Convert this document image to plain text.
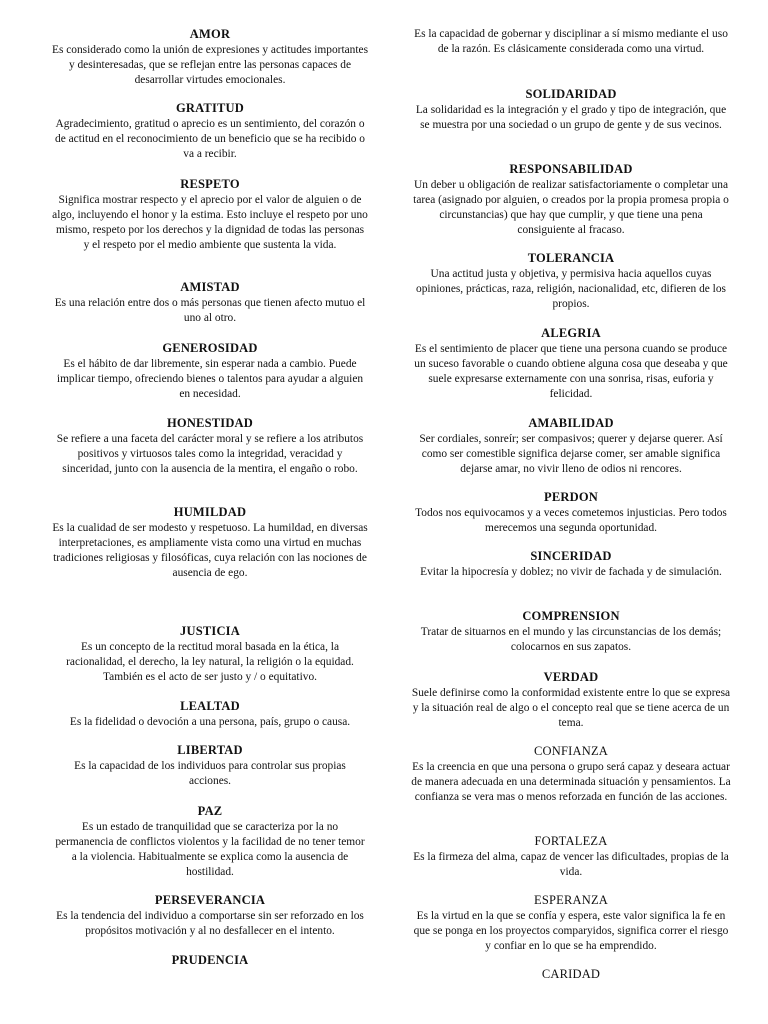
AMOR
Es considerado como la unión de expresiones y actitudes importantes y desinteresadas, que se reflejan entre las personas capaces de desarrollar virtudes emocionales.
GRATITUD
Agradecimiento, gratitud o aprecio es un sentimiento, del corazón o de actitud en el reconocimiento de un beneficio que se ha recibido o va a recibir.
RESPETO
Significa mostrar respecto y el aprecio por el valor de alguien o de algo, incluyendo el honor y la estima. Esto incluye el respeto por uno mismo, respeto por los derechos y la dignidad de todas las personas y el respeto por el medio ambiente que sustenta la vida.
AMISTAD
Es una relación entre dos o más personas que tienen afecto mutuo el uno al otro.
GENEROSIDAD
Es el hábito de dar libremente, sin esperar nada a cambio. Puede implicar tiempo, ofreciendo bienes o talentos para ayudar a alguien en necesidad.
HONESTIDAD
Se refiere a una faceta del carácter moral y se refiere a los atributos positivos y virtuosos tales como la integridad, veracidad y sinceridad, junto con la ausencia de la mentira, el engaño o robo.
HUMILDAD
Es la cualidad de ser modesto y respetuoso. La humildad, en diversas interpretaciones, es ampliamente vista como una virtud en muchas tradiciones religiosas y filosóficas, cuya relación con las nociones de ausencia de ego.
JUSTICIA
Es un concepto de la rectitud moral basada en la ética, la racionalidad, el derecho, la ley natural, la religión o la equidad. También es el acto de ser justo y / o equitativo.
LEALTAD
Es la fidelidad o devoción a una persona, país, grupo o causa.
LIBERTAD
Es la capacidad de los individuos para controlar sus propias acciones.
PAZ
Es un estado de tranquilidad que se caracteriza por la no permanencia de conflictos violentos y la facilidad de no tener temor a la violencia. Habitualmente se explica como la ausencia de hostilidad.
PERSEVERANCIA
Es la tendencia del individuo a comportarse sin ser reforzado en los propósitos motivación y al no desfallecer en el intento.
PRUDENCIA
Es la capacidad de gobernar y disciplinar a sí mismo mediante el uso de la razón. Es clásicamente considerada como una virtud.
SOLIDARIDAD
La solidaridad es la integración y el grado y tipo de integración, que se muestra por una sociedad o un grupo de gente y de sus vecinos.
RESPONSABILIDAD
Un deber u obligación de realizar satisfactoriamente o completar una tarea (asignado por alguien, o creados por la propia promesa propia o circunstancias) que hay que cumplir, y que tiene una pena consiguiente al fracaso.
TOLERANCIA
Una actitud justa y objetiva, y permisiva hacia aquellos cuyas opiniones, prácticas, raza, religión, nacionalidad, etc, difieren de los propios.
ALEGRIA
Es el sentimiento de placer que tiene una persona cuando se produce un suceso favorable o cuando obtiene alguna cosa que deseaba y que suele expresarse externamente con una sonrisa, risas, euforia y felicidad.
AMABILIDAD
Ser cordiales, sonreír; ser compasivos; querer y dejarse querer. Así como ser comestible significa dejarse comer, ser amable significa dejarse amar, no vivir lleno de odios ni rencores.
PERDON
Todos nos equivocamos y a veces cometemos injusticias. Pero todos merecemos una segunda oportunidad.
SINCERIDAD
Evitar la hipocresía y doblez; no vivir de fachada y de simulación.
COMPRENSION
Tratar de situarnos en el mundo y las circunstancias de los demás; colocarnos en sus zapatos.
VERDAD
Suele definirse como la conformidad existente entre lo que se expresa y la situación real de algo o el concepto real que se tiene acerca de un tema.
CONFIANZA
Es la creencia en que una persona o grupo será capaz y deseara actuar de manera adecuada en una determinada situación y pensamientos. La confianza se vera mas o menos reforzada en función de las acciones.
FORTALEZA
Es la firmeza del alma, capaz de vencer las dificultades, propias de la vida.
ESPERANZA
Es la virtud en la que se confía y espera, este valor significa la fe en que se ponga en los proyectos comparyidos, significa correr el riesgo y confiar en lo que se ha emprendido.
CARIDAD
